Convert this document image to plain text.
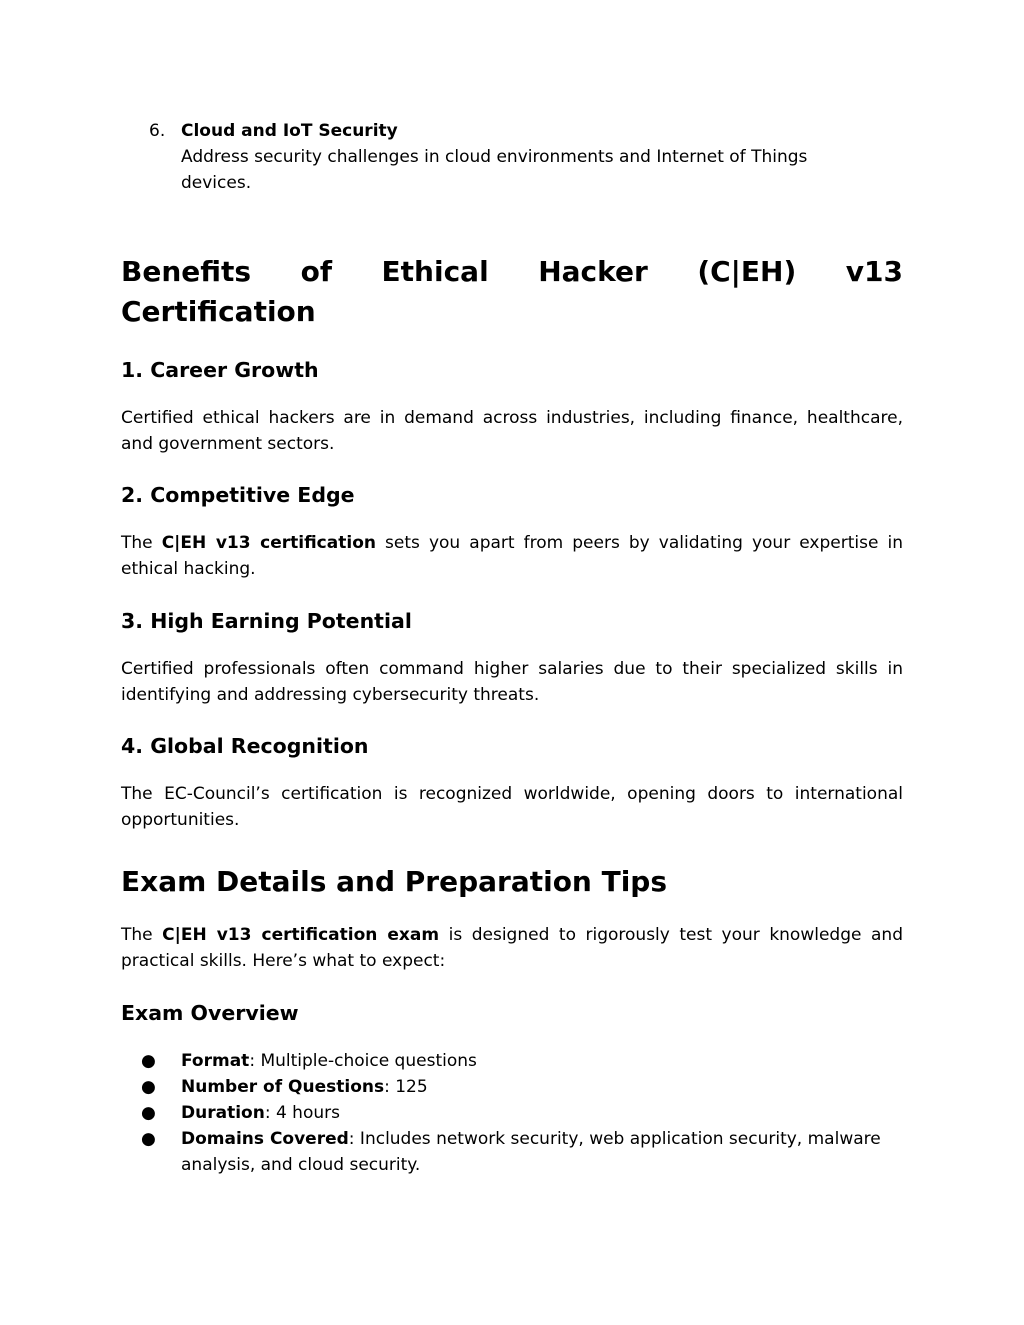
6. Cloud and IoT Security
Address security challenges in cloud environments and Internet of Things devices.
Benefits of Ethical Hacker (C|EH) v13
Certification
1. Career Growth

Certified ethical hackers are in demand across industries, including finance, healthcare, and government sectors.

2. Competitive Edge

The C|EH v13 certification sets you apart from peers by validating your expertise in ethical hacking.

3. High Earning Potential

Certified professionals often command higher salaries due to their specialized skills in identifying and addressing cybersecurity threats.

4. Global Recognition

The EC-Council’s certification is recognized worldwide, opening doors to international opportunities.

Exam Details and Preparation Tips

The C|EH v13 certification exam is designed to rigorously test your knowledge and practical skills. Here’s what to expect:

Exam Overview
● Format: Multiple-choice questions
● Number of Questions: 125
● Duration: 4 hours
● Domains Covered: Includes network security, web application security, malware analysis, and cloud security.
